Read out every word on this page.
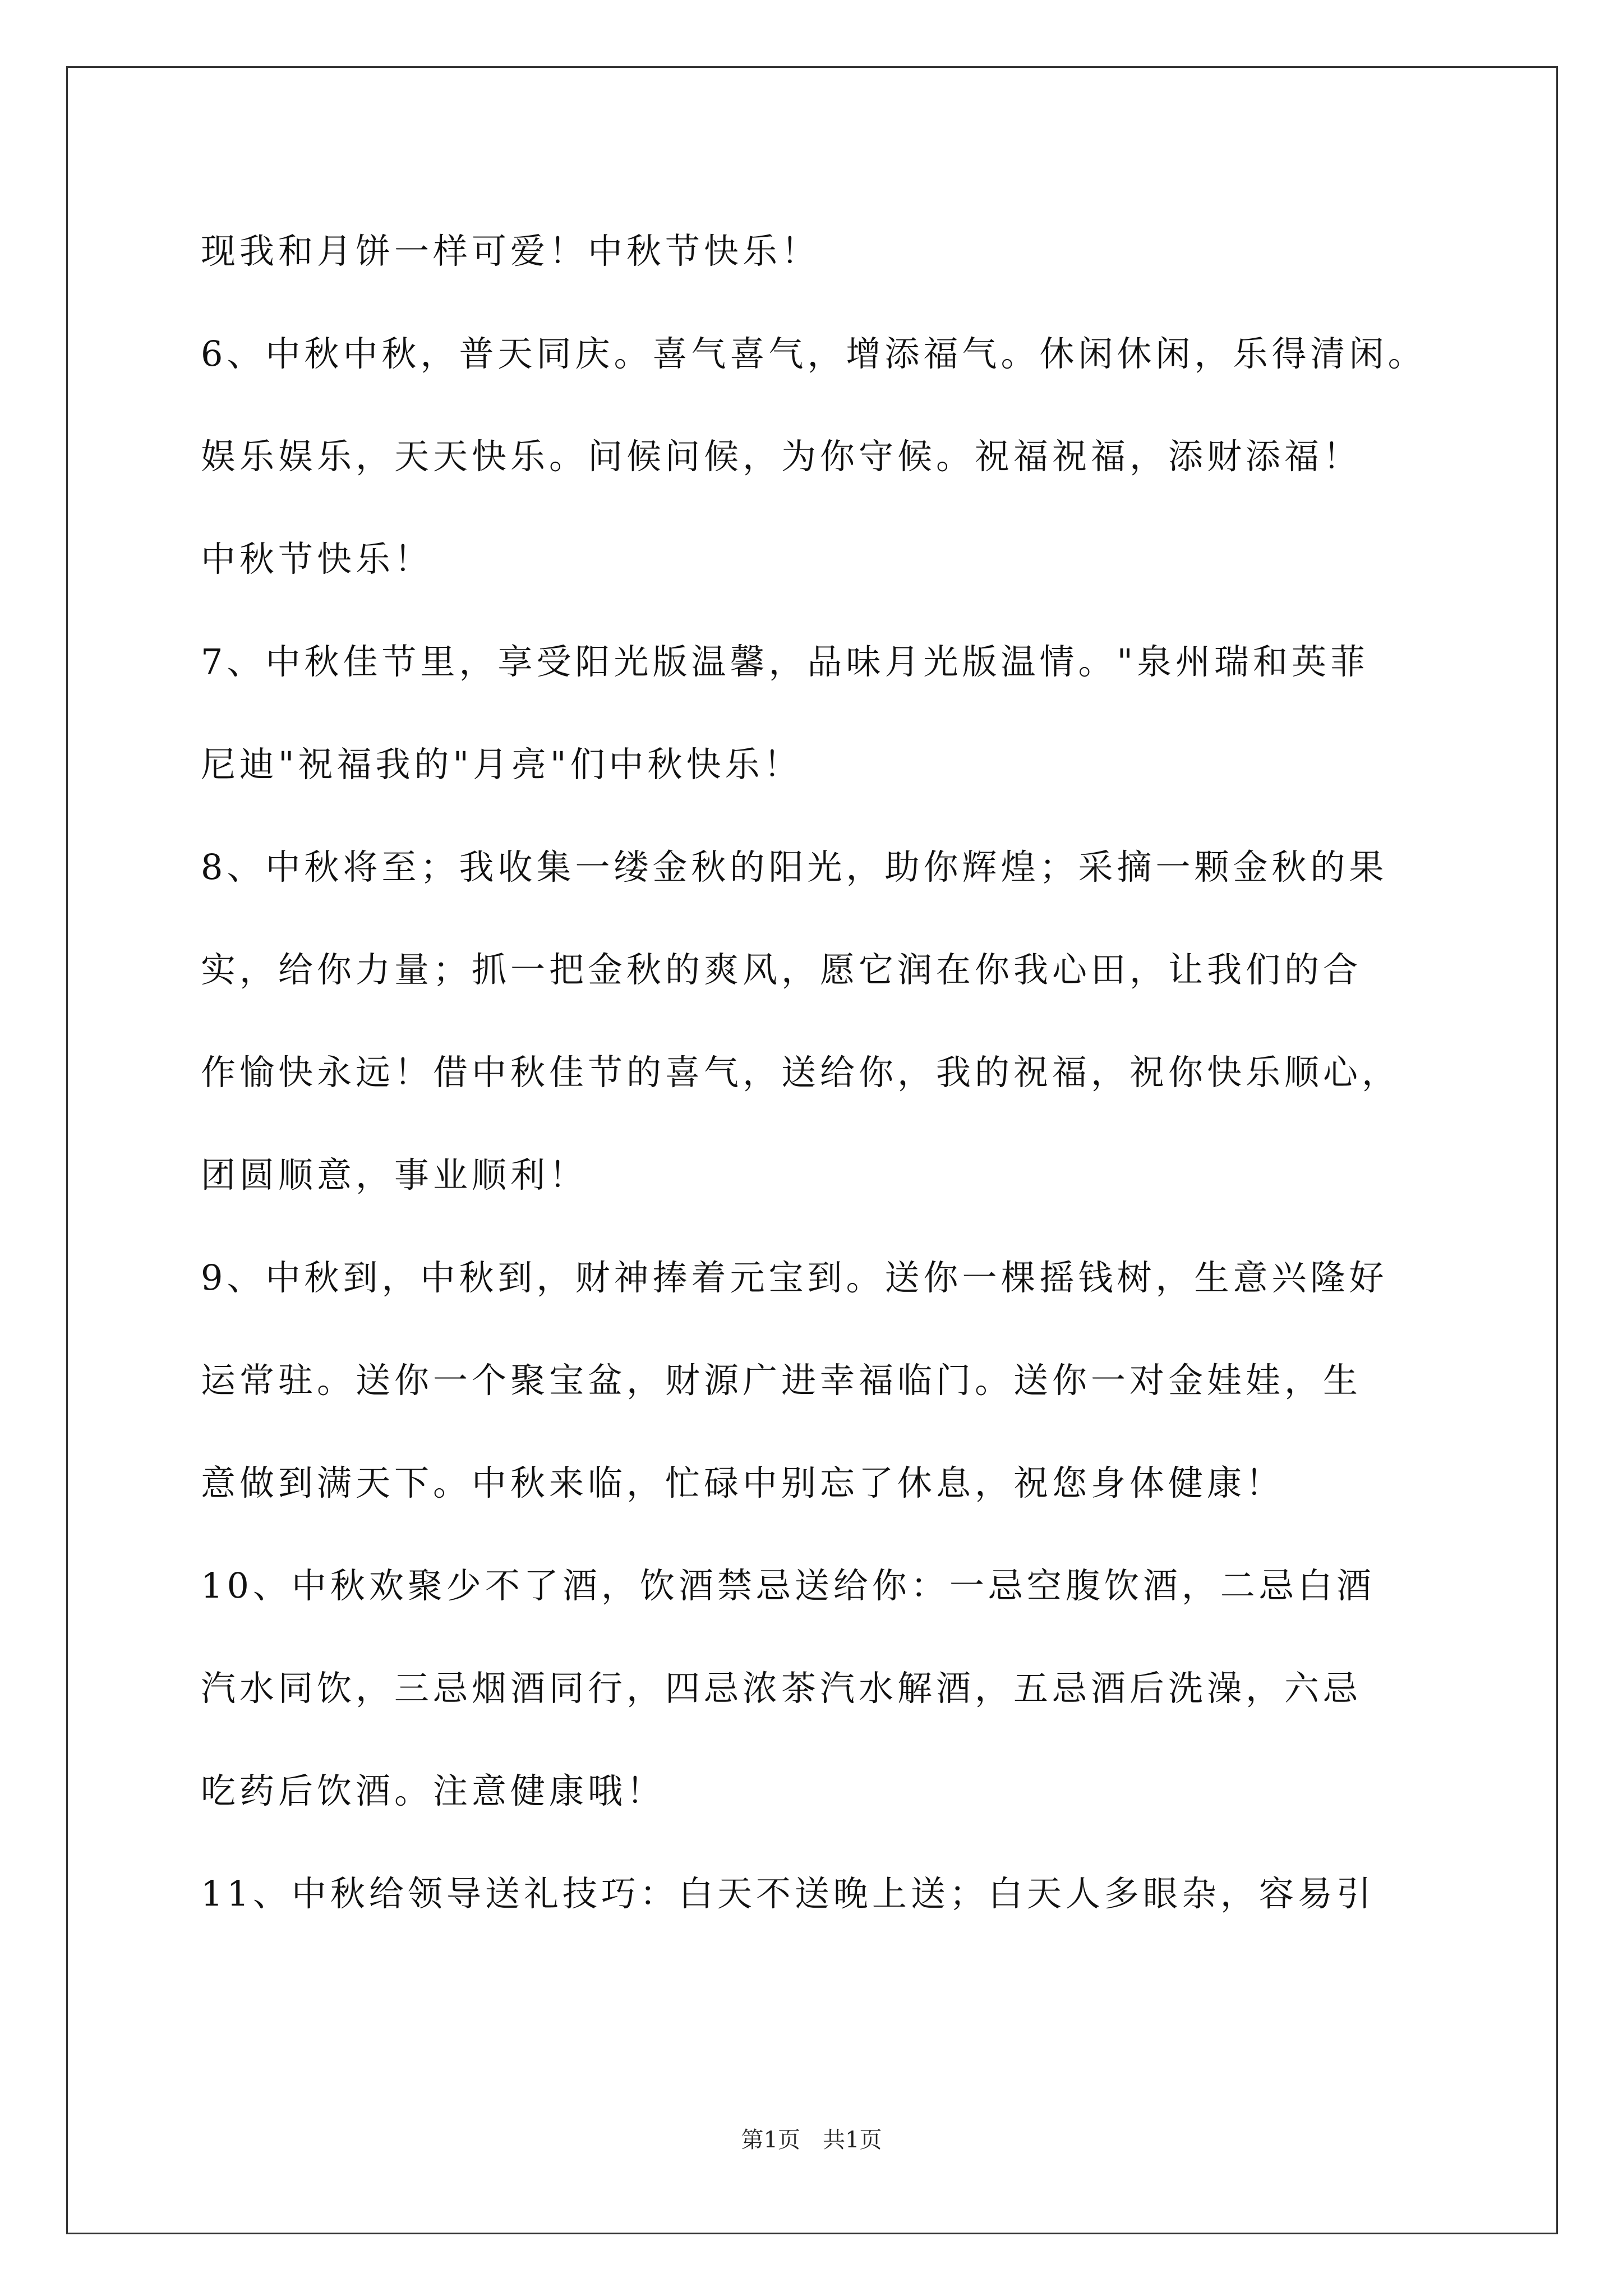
现我和月饼一样可爱！中秋节快乐！
6、中秋中秋，普天同庆。喜气喜气，增添福气。休闲休闲，乐得清闲。
娱乐娱乐，天天快乐。问候问候，为你守候。祝福祝福，添财添福！
中秋节快乐！
7、中秋佳节里，享受阳光版温馨，品味月光版温情。"泉州瑞和英菲
尼迪"祝福我的"月亮"们中秋快乐！
8、中秋将至；我收集一缕金秋的阳光，助你辉煌；采摘一颗金秋的果
实，给你力量；抓一把金秋的爽风，愿它润在你我心田，让我们的合
作愉快永远！借中秋佳节的喜气，送给你，我的祝福，祝你快乐顺心，
团圆顺意，事业顺利！
9、中秋到，中秋到，财神捧着元宝到。送你一棵摇钱树，生意兴隆好
运常驻。送你一个聚宝盆，财源广进幸福临门。送你一对金娃娃，生
意做到满天下。中秋来临，忙碌中别忘了休息，祝您身体健康！
10、中秋欢聚少不了酒，饮酒禁忌送给你：一忌空腹饮酒，二忌白酒
汽水同饮，三忌烟酒同行，四忌浓茶汽水解酒，五忌酒后洗澡，六忌
吃药后饮酒。注意健康哦！
11、中秋给领导送礼技巧：白天不送晚上送；白天人多眼杂，容易引
第1页　共1页
